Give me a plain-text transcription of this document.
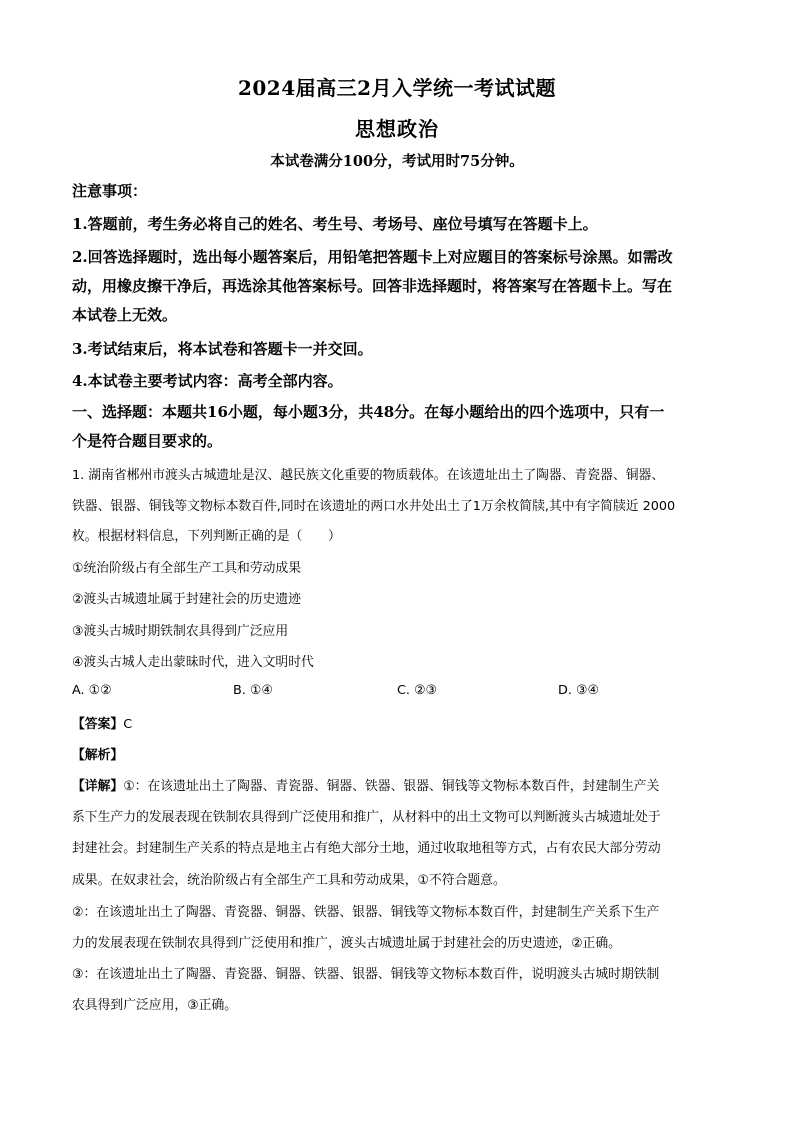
2024届高三2月入学统一考试试题
思想政治
本试卷满分100分，考试用时75分钟。
注意事项：
1.答题前，考生务必将自己的姓名、考生号、考场号、座位号填写在答题卡上。
2.回答选择题时，选出每小题答案后，用铅笔把答题卡上对应题目的答案标号涂黑。如需改
动，用橡皮擦干净后，再选涂其他答案标号。回答非选择题时，将答案写在答题卡上。写在
本试卷上无效。
3.考试结束后，将本试卷和答题卡一并交回。
4.本试卷主要考试内容：高考全部内容。
一、选择题：本题共16小题，每小题3分，共48分。在每小题给出的四个选项中，只有一
个是符合题目要求的。
1. 湖南省郴州市渡头古城遗址是汉、越民族文化重要的物质载体。在该遗址出土了陶器、青瓷器、铜器、
铁器、银器、铜钱等文物标本数百件,同时在该遗址的两口水井处出土了1万余枚简牍,其中有字简牍近 2000
枚。根据材料信息，下列判断正确的是（　　）
①统治阶级占有全部生产工具和劳动成果
②渡头古城遗址属于封建社会的历史遗迹
③渡头古城时期铁制农具得到广泛应用
④渡头古城人走出蒙昧时代，进入文明时代
A. ①②	B. ①④	C. ②③	D. ③④
【答案】C
【解析】
【详解】①：在该遗址出土了陶器、青瓷器、铜器、铁器、银器、铜钱等文物标本数百件，封建制生产关
系下生产力的发展表现在铁制农具得到广泛使用和推广，从材料中的出土文物可以判断渡头古城遗址处于
封建社会。封建制生产关系的特点是地主占有绝大部分土地，通过收取地租等方式，占有农民大部分劳动
成果。在奴隶社会，统治阶级占有全部生产工具和劳动成果，①不符合题意。
②：在该遗址出土了陶器、青瓷器、铜器、铁器、银器、铜钱等文物标本数百件，封建制生产关系下生产
力的发展表现在铁制农具得到广泛使用和推广，渡头古城遗址属于封建社会的历史遗迹，②正确。
③：在该遗址出土了陶器、青瓷器、铜器、铁器、银器、铜钱等文物标本数百件，说明渡头古城时期铁制
农具得到广泛应用，③正确。
